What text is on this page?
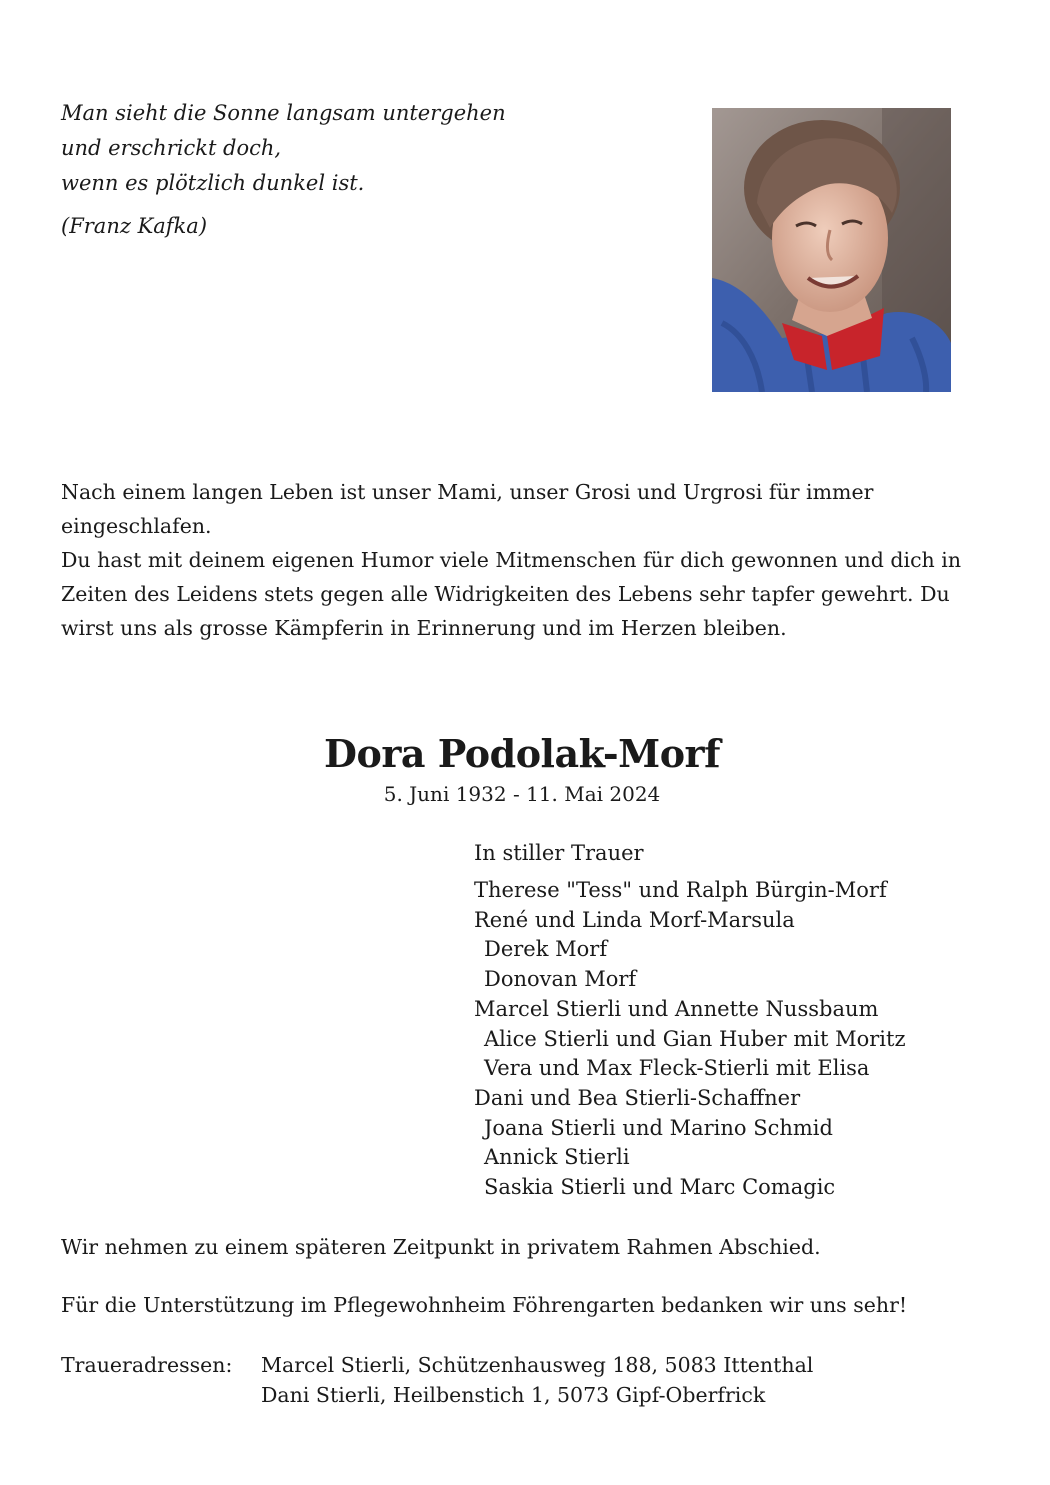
Man sieht die Sonne langsam untergehen
und erschrickt doch,
wenn es plötzlich dunkel ist.
(Franz Kafka)

Nach einem langen Leben ist unser Mami, unser Grosi und Urgrosi für immer eingeschlafen.

Du hast mit deinem eigenen Humor viele Mitmenschen für dich gewonnen und dich in Zeiten des Leidens stets gegen alle Widrigkeiten des Lebens sehr tapfer gewehrt. Du wirst uns als grosse Kämpferin in Erinnerung und im Herzen bleiben.

Dora Podolak-Morf
5. Juni 1932 - 11. Mai 2024
In stiller Trauer
Therese "Tess" und Ralph Bürgin-Morf
René und Linda Morf-Marsula
Derek Morf
Donovan Morf
Marcel Stierli und Annette Nussbaum
Alice Stierli und Gian Huber mit Moritz
Vera und Max Fleck-Stierli mit Elisa
Dani und Bea Stierli-Schaffner
Joana Stierli und Marino Schmid
Annick Stierli
Saskia Stierli und Marc Comagic
Wir nehmen zu einem späteren Zeitpunkt in privatem Rahmen Abschied.
Für die Unterstützung im Pflegewohnheim Föhrengarten bedanken wir uns sehr!
Traueradressen: Marcel Stierli, Schützenhausweg 188, 5083 Ittenthal
Dani Stierli, Heilbenstich 1, 5073 Gipf-Oberfrick
